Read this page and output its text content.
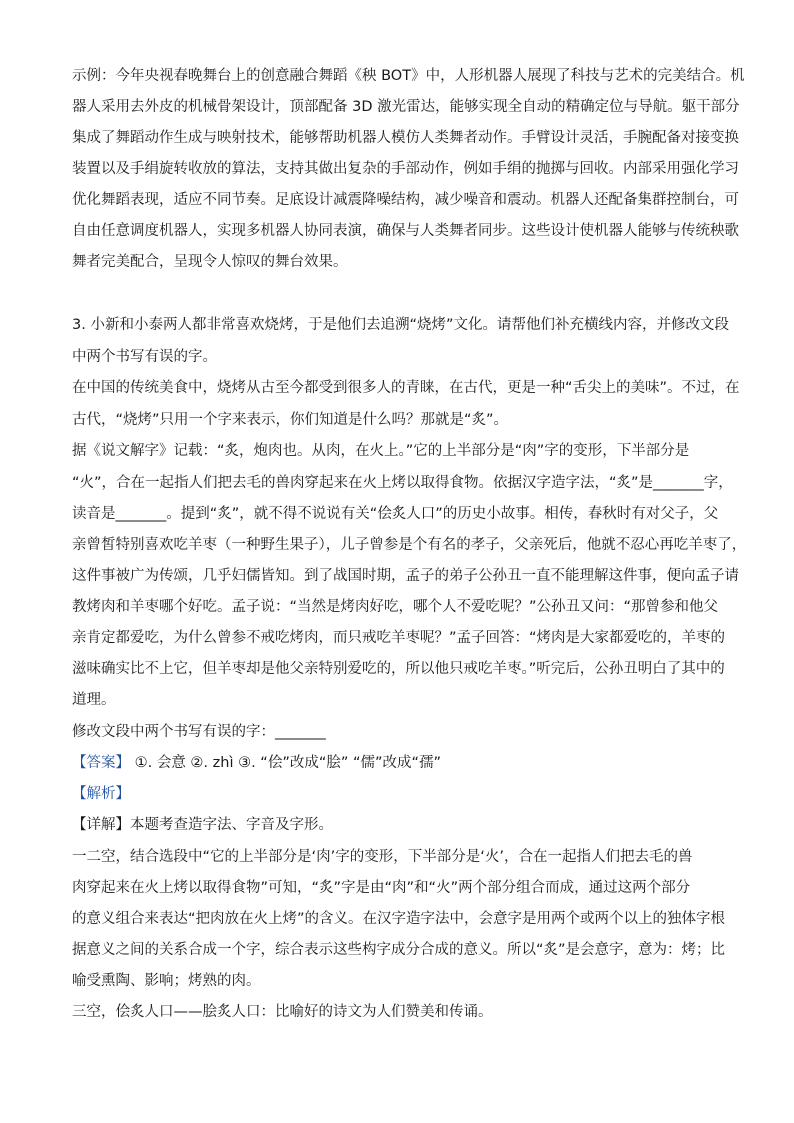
示例：今年央视春晚舞台上的创意融合舞蹈《秧 BOT》中，人形机器人展现了科技与艺术的完美结合。机
器人采用去外皮的机械骨架设计，顶部配备 3D 激光雷达，能够实现全自动的精确定位与导航。躯干部分
集成了舞蹈动作生成与映射技术，能够帮助机器人模仿人类舞者动作。手臂设计灵活，手腕配备对接变换
装置以及手绢旋转收放的算法，支持其做出复杂的手部动作，例如手绢的抛掷与回收。内部采用强化学习
优化舞蹈表现，适应不同节奏。足底设计减震降噪结构，减少噪音和震动。机器人还配备集群控制台，可
自由任意调度机器人，实现多机器人协同表演，确保与人类舞者同步。这些设计使机器人能够与传统秧歌
舞者完美配合，呈现令人惊叹的舞台效果。
3. 小新和小泰两人都非常喜欢烧烤，于是他们去追溯“烧烤”文化。请帮他们补充横线内容，并修改文段
中两个书写有误的字。
在中国的传统美食中，烧烤从古至今都受到很多人的青睐，在古代，更是一种“舌尖上的美味”。不过，在
古代，“烧烤”只用一个字来表示，你们知道是什么吗？那就是“炙”。
据《说文解字》记载：“炙，炮肉也。从肉，在火上。”它的上半部分是“肉”字的变形，下半部分是
“火”，合在一起指人们把去毛的兽肉穿起来在火上烤以取得食物。依据汉字造字法，“炙”是_______字，
读音是_______。提到“炙”，就不得不说说有关“侩炙人口”的历史小故事。相传，春秋时有对父子，父
亲曾皙特别喜欢吃羊枣（一种野生果子），儿子曾参是个有名的孝子，父亲死后，他就不忍心再吃羊枣了，
这件事被广为传颂，几乎妇儒皆知。到了战国时期，孟子的弟子公孙丑一直不能理解这件事，便向孟子请
教烤肉和羊枣哪个好吃。孟子说：“当然是烤肉好吃，哪个人不爱吃呢？”公孙丑又问：“那曾参和他父
亲肯定都爱吃，为什么曾参不戒吃烤肉，而只戒吃羊枣呢？”孟子回答：“烤肉是大家都爱吃的，羊枣的
滋味确实比不上它，但羊枣却是他父亲特别爱吃的，所以他只戒吃羊枣。”听完后，公孙丑明白了其中的
道理。
修改文段中两个书写有误的字：_______
【答案】 ①. 会意 ②. zhì ③. “侩”改成“脍” “儒”改成“孺”
【解析】
【详解】本题考查造字法、字音及字形。
一二空，结合选段中“它的上半部分是‘肉’字的变形，下半部分是‘火’，合在一起指人们把去毛的兽
肉穿起来在火上烤以取得食物”可知，“炙”字是由“肉”和“火”两个部分组合而成，通过这两个部分
的意义组合来表达“把肉放在火上烤”的含义。在汉字造字法中，会意字是用两个或两个以上的独体字根
据意义之间的关系合成一个字，综合表示这些构字成分合成的意义。所以“炙”是会意字，意为：烤；比
喻受熏陶、影响；烤熟的肉。
三空，侩炙人口——脍炙人口：比喻好的诗文为人们赞美和传诵。
